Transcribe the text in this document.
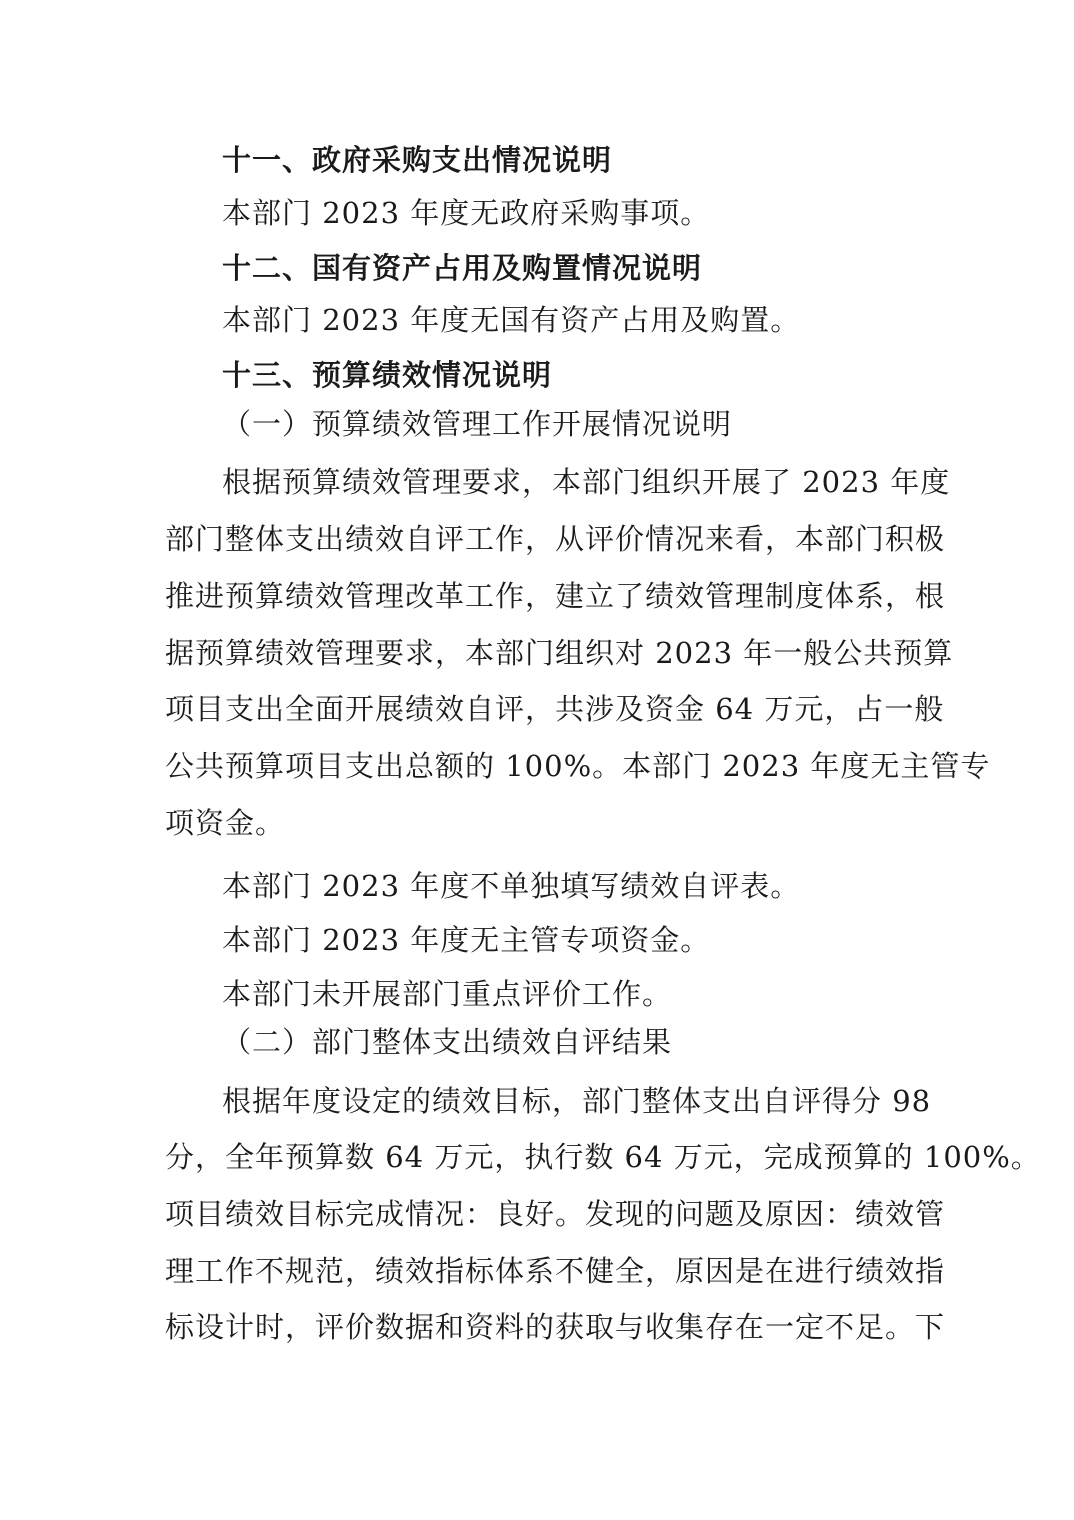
十一、政府采购支出情况说明
本部门 2023 年度无政府采购事项。
十二、国有资产占用及购置情况说明
本部门 2023 年度无国有资产占用及购置。
十三、预算绩效情况说明
（一）预算绩效管理工作开展情况说明
根据预算绩效管理要求，本部门组织开展了 2023 年度
部门整体支出绩效自评工作，从评价情况来看，本部门积极
推进预算绩效管理改革工作，建立了绩效管理制度体系，根
据预算绩效管理要求，本部门组织对 2023 年一般公共预算
项目支出全面开展绩效自评，共涉及资金 64 万元，占一般
公共预算项目支出总额的 100%。本部门 2023 年度无主管专
项资金。
本部门 2023 年度不单独填写绩效自评表。
本部门 2023 年度无主管专项资金。
本部门未开展部门重点评价工作。
（二）部门整体支出绩效自评结果
根据年度设定的绩效目标，部门整体支出自评得分 98
分，全年预算数 64 万元，执行数 64 万元，完成预算的 100%。
项目绩效目标完成情况：良好。发现的问题及原因：绩效管
理工作不规范，绩效指标体系不健全，原因是在进行绩效指
标设计时，评价数据和资料的获取与收集存在一定不足。下
